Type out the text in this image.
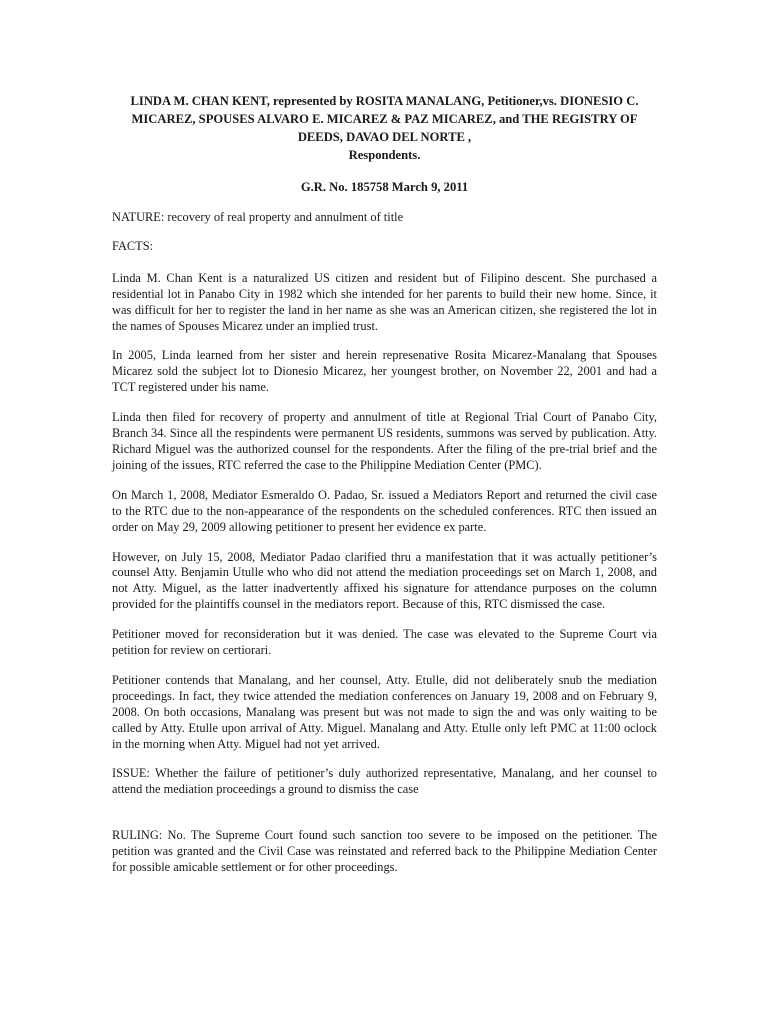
LINDA M. CHAN KENT, represented by ROSITA MANALANG, Petitioner,vs. DIONESIO C.
MICAREZ, SPOUSES ALVARO E. MICAREZ & PAZ MICAREZ, and THE REGISTRY OF
DEEDS, DAVAO DEL NORTE ,
Respondents.

G.R. No. 185758 March 9, 2011

NATURE: recovery of real property and annulment of title

FACTS:

Linda M. Chan Kent is a naturalized US citizen and resident but of Filipino descent. She purchased a residential lot in Panabo City in 1982 which she intended for her parents to build their new home. Since, it was difficult for her to register the land in her name as she was an American citizen, she registered the lot in the names of Spouses Micarez under an implied trust.

In 2005, Linda learned from her sister and herein represenative Rosita Micarez-Manalang that Spouses Micarez sold the subject lot to Dionesio Micarez, her youngest brother, on November 22, 2001 and had a TCT registered under his name.

Linda then filed for recovery of property and annulment of title at Regional Trial Court of Panabo City, Branch 34. Since all the respindents were permanent US residents, summons was served by publication. Atty. Richard Miguel was the authorized counsel for the respondents. After the filing of the pre-trial brief and the joining of the issues, RTC referred the case to the Philippine Mediation Center (PMC).

On March 1, 2008, Mediator Esmeraldo O. Padao, Sr. issued a Mediators Report and returned the civil case to the RTC due to the non-appearance of the respondents on the scheduled conferences. RTC then issued an order on May 29, 2009 allowing petitioner to present her evidence ex parte.

However, on July 15, 2008, Mediator Padao clarified thru a manifestation that it was actually petitioner’s counsel Atty. Benjamin Utulle who who did not attend the mediation proceedings set on March 1, 2008, and not Atty. Miguel, as the latter inadvertently affixed his signature for attendance purposes on the column provided for the plaintiffs counsel in the mediators report. Because of this, RTC dismissed the case.

Petitioner moved for reconsideration but it was denied. The case was elevated to the Supreme Court via petition for review on certiorari.

Petitioner contends that Manalang, and her counsel, Atty. Etulle, did not deliberately snub the mediation proceedings. In fact, they twice attended the mediation conferences on January 19, 2008 and on February 9, 2008. On both occasions, Manalang was present but was not made to sign the and was only waiting to be called by Atty. Etulle upon arrival of Atty. Miguel. Manalang and Atty. Etulle only left PMC at 11:00 oclock in the morning when Atty. Miguel had not yet arrived.

ISSUE: Whether the failure of petitioner’s duly authorized representative, Manalang, and her counsel to attend the mediation proceedings a ground to dismiss the case

RULING: No. The Supreme Court found such sanction too severe to be imposed on the petitioner. The petition was granted and the Civil Case was reinstated and referred back to the Philippine Mediation Center for possible amicable settlement or for other proceedings.
